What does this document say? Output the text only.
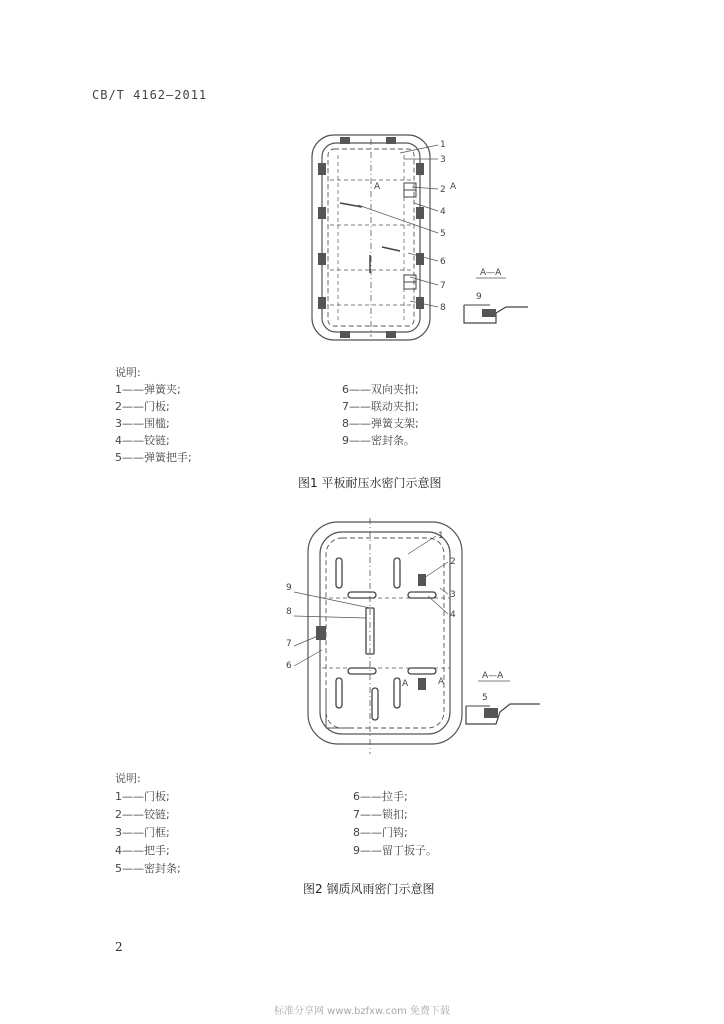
CB/T 4162—2011
1
3
2 A
4
5
6
7
8
A
A—A
9
说明:
1——弹簧夹;
2——门板;
3——围槛;
4——铰链;
5——弹簧把手;
6——双向夹扣;
7——联动夹扣;
8——弹簧支架;
9——密封条。
图1 平板耐压水密门示意图
1
2
3
4
9
8
7
6
A
A
A—A
5
说明:
1——门板;
2——铰链;
3——门框;
4——把手;
5——密封条;
6——拉手;
7——锁扣;
8——门钩;
9——留丁扳子。
图2 钢质风雨密门示意图
2
标准分享网 www.bzfxw.com 免费下载
